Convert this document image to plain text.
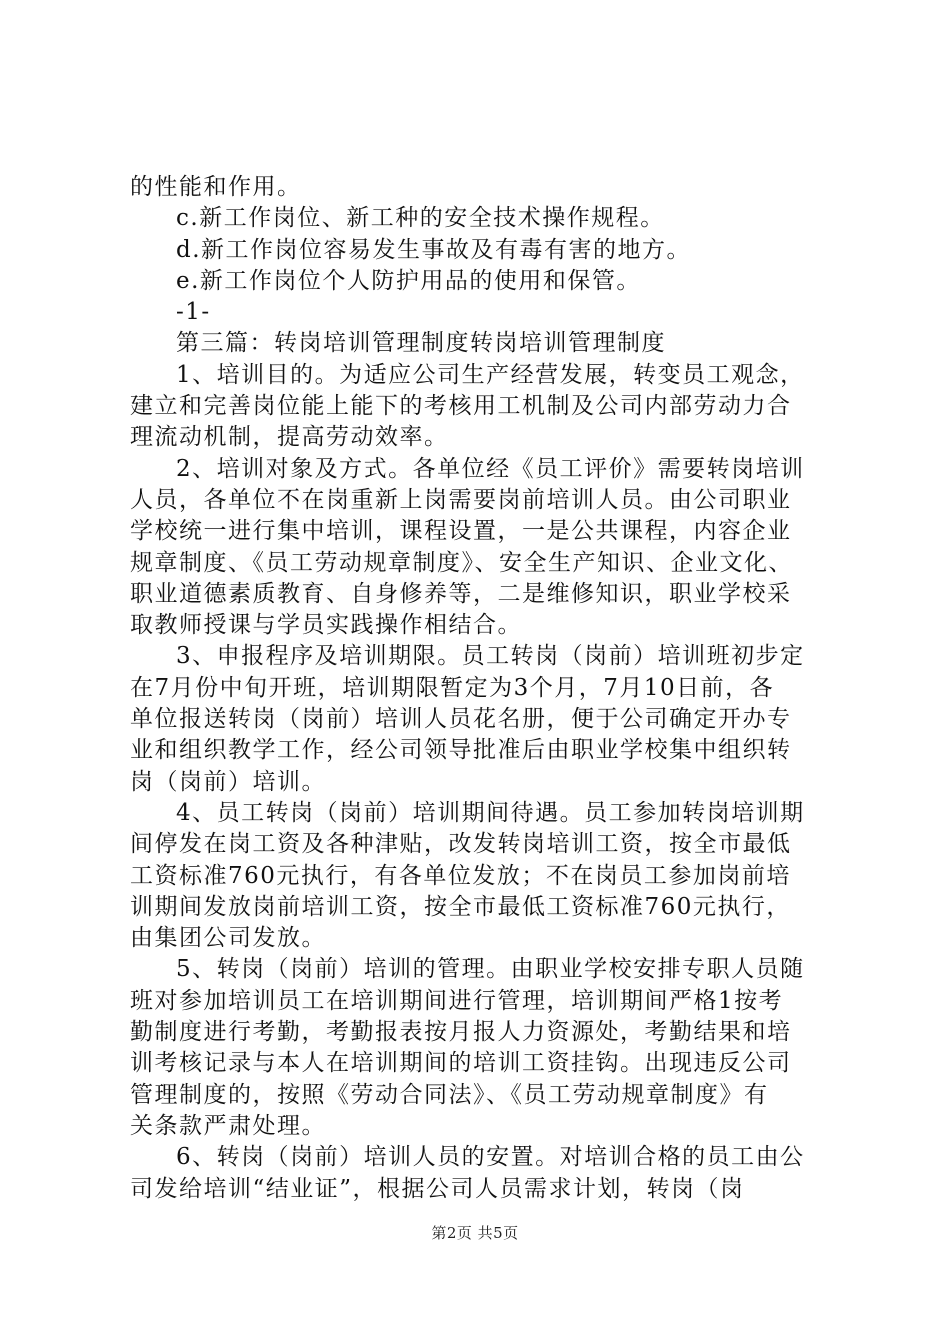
的性能和作用。
c.新工作岗位、新工种的安全技术操作规程。
d.新工作岗位容易发生事故及有毒有害的地方。
e.新工作岗位个人防护用品的使用和保管。
-1-
第三篇：转岗培训管理制度转岗培训管理制度
1、培训目的。为适应公司生产经营发展，转变员工观念，
建立和完善岗位能上能下的考核用工机制及公司内部劳动力合
理流动机制，提高劳动效率。
2、培训对象及方式。各单位经《员工评价》需要转岗培训
人员，各单位不在岗重新上岗需要岗前培训人员。由公司职业
学校统一进行集中培训，课程设置，一是公共课程，内容企业
规章制度、《员工劳动规章制度》、安全生产知识、企业文化、
职业道德素质教育、自身修养等，二是维修知识，职业学校采
取教师授课与学员实践操作相结合。
3、申报程序及培训期限。员工转岗（岗前）培训班初步定
在7月份中旬开班，培训期限暂定为3个月，7月10日前，各
单位报送转岗（岗前）培训人员花名册，便于公司确定开办专
业和组织教学工作，经公司领导批准后由职业学校集中组织转
岗（岗前）培训。
4、员工转岗（岗前）培训期间待遇。员工参加转岗培训期
间停发在岗工资及各种津贴，改发转岗培训工资，按全市最低
工资标准760元执行，有各单位发放；不在岗员工参加岗前培
训期间发放岗前培训工资，按全市最低工资标准760元执行，
由集团公司发放。
5、转岗（岗前）培训的管理。由职业学校安排专职人员随
班对参加培训员工在培训期间进行管理，培训期间严格1按考
勤制度进行考勤，考勤报表按月报人力资源处，考勤结果和培
训考核记录与本人在培训期间的培训工资挂钩。出现违反公司
管理制度的，按照《劳动合同法》、《员工劳动规章制度》有
关条款严肃处理。
6、转岗（岗前）培训人员的安置。对培训合格的员工由公
司发给培训“结业证”，根据公司人员需求计划，转岗（岗
第2页 共5页
